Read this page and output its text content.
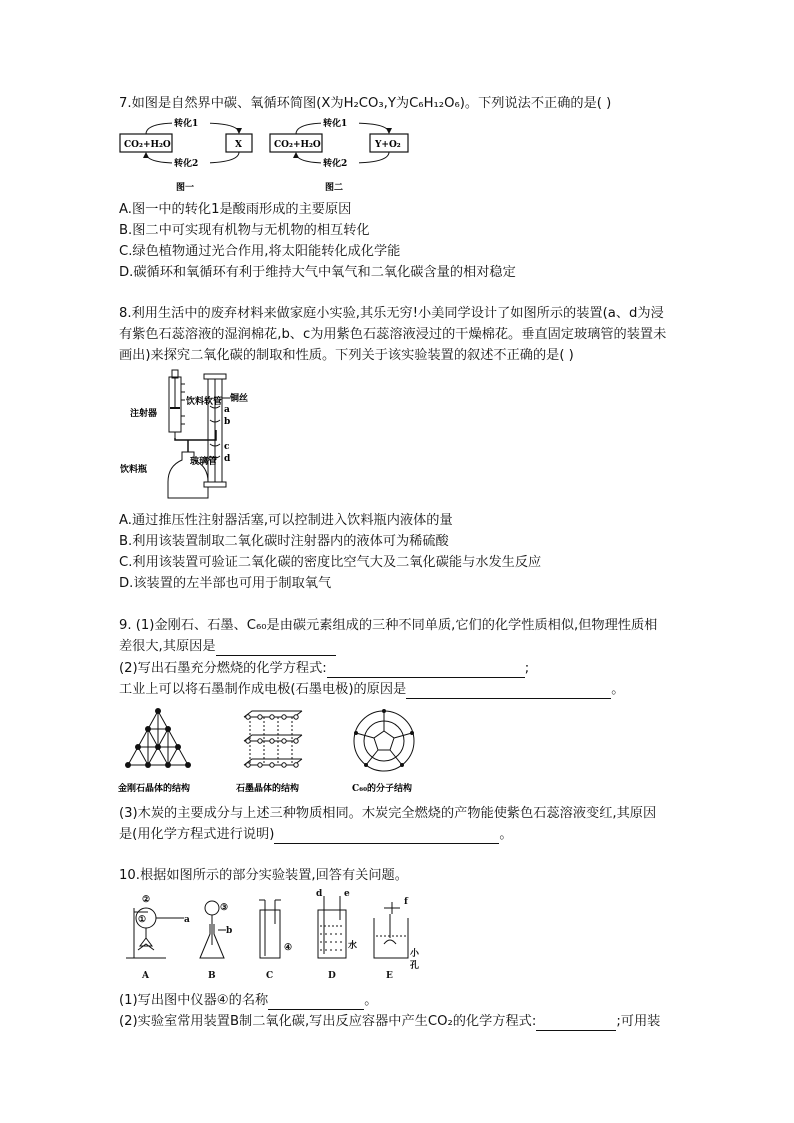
7.如图是自然界中碳、氧循环简图(X为H₂CO₃,Y为C₆H₁₂O₆)。下列说法不正确的是( )
CO₂+H₂O	X
转化1
转化2
图一
CO₂+H₂O	Y+O₂
转化1
转化2
图二
A.图一中的转化1是酸雨形成的主要原因
B.图二中可实现有机物与无机物的相互转化
C.绿色植物通过光合作用,将太阳能转化成化学能
D.碳循环和氧循环有利于维持大气中氧气和二氧化碳含量的相对稳定
8.利用生活中的废弃材料来做家庭小实验,其乐无穷!小美同学设计了如图所示的装置(a、d为浸
有紫色石蕊溶液的湿润棉花,b、c为用紫色石蕊溶液浸过的干燥棉花。垂直固定玻璃管的装置未
画出)来探究二氧化碳的制取和性质。下列关于该实验装置的叙述不正确的是( )
注射器
饮料软管
饮料瓶
玻璃管
铜丝
a
b
c
d
A.通过推压性注射器活塞,可以控制进入饮料瓶内液体的量
B.利用该装置制取二氧化碳时注射器内的液体可为稀硫酸
C.利用该装置可验证二氧化碳的密度比空气大及二氧化碳能与水发生反应
D.该装置的左半部也可用于制取氧气
9. (1)金刚石、石墨、C₆₀是由碳元素组成的三种不同单质,它们的化学性质相似,但物理性质相
差很大,其原因是
(2)写出石墨充分燃烧的化学方程式:	;
工业上可以将石墨制作成电极(石墨电极)的原因是	。
金刚石晶体的结构	石墨晶体的结构	C₆₀的分子结构
(3)木炭的主要成分与上述三种物质相同。木炭完全燃烧的产物能使紫色石蕊溶液变红,其原因
是(用化学方程式进行说明)	。
10.根据如图所示的部分实验装置,回答有关问题。
A	B	C	D	E
①
②
③
④
a
b
d e
f
水
小
孔
(1)写出图中仪器④的名称	。
(2)实验室常用装置B制二氧化碳,写出反应容器中产生CO₂的化学方程式:	;可用装
